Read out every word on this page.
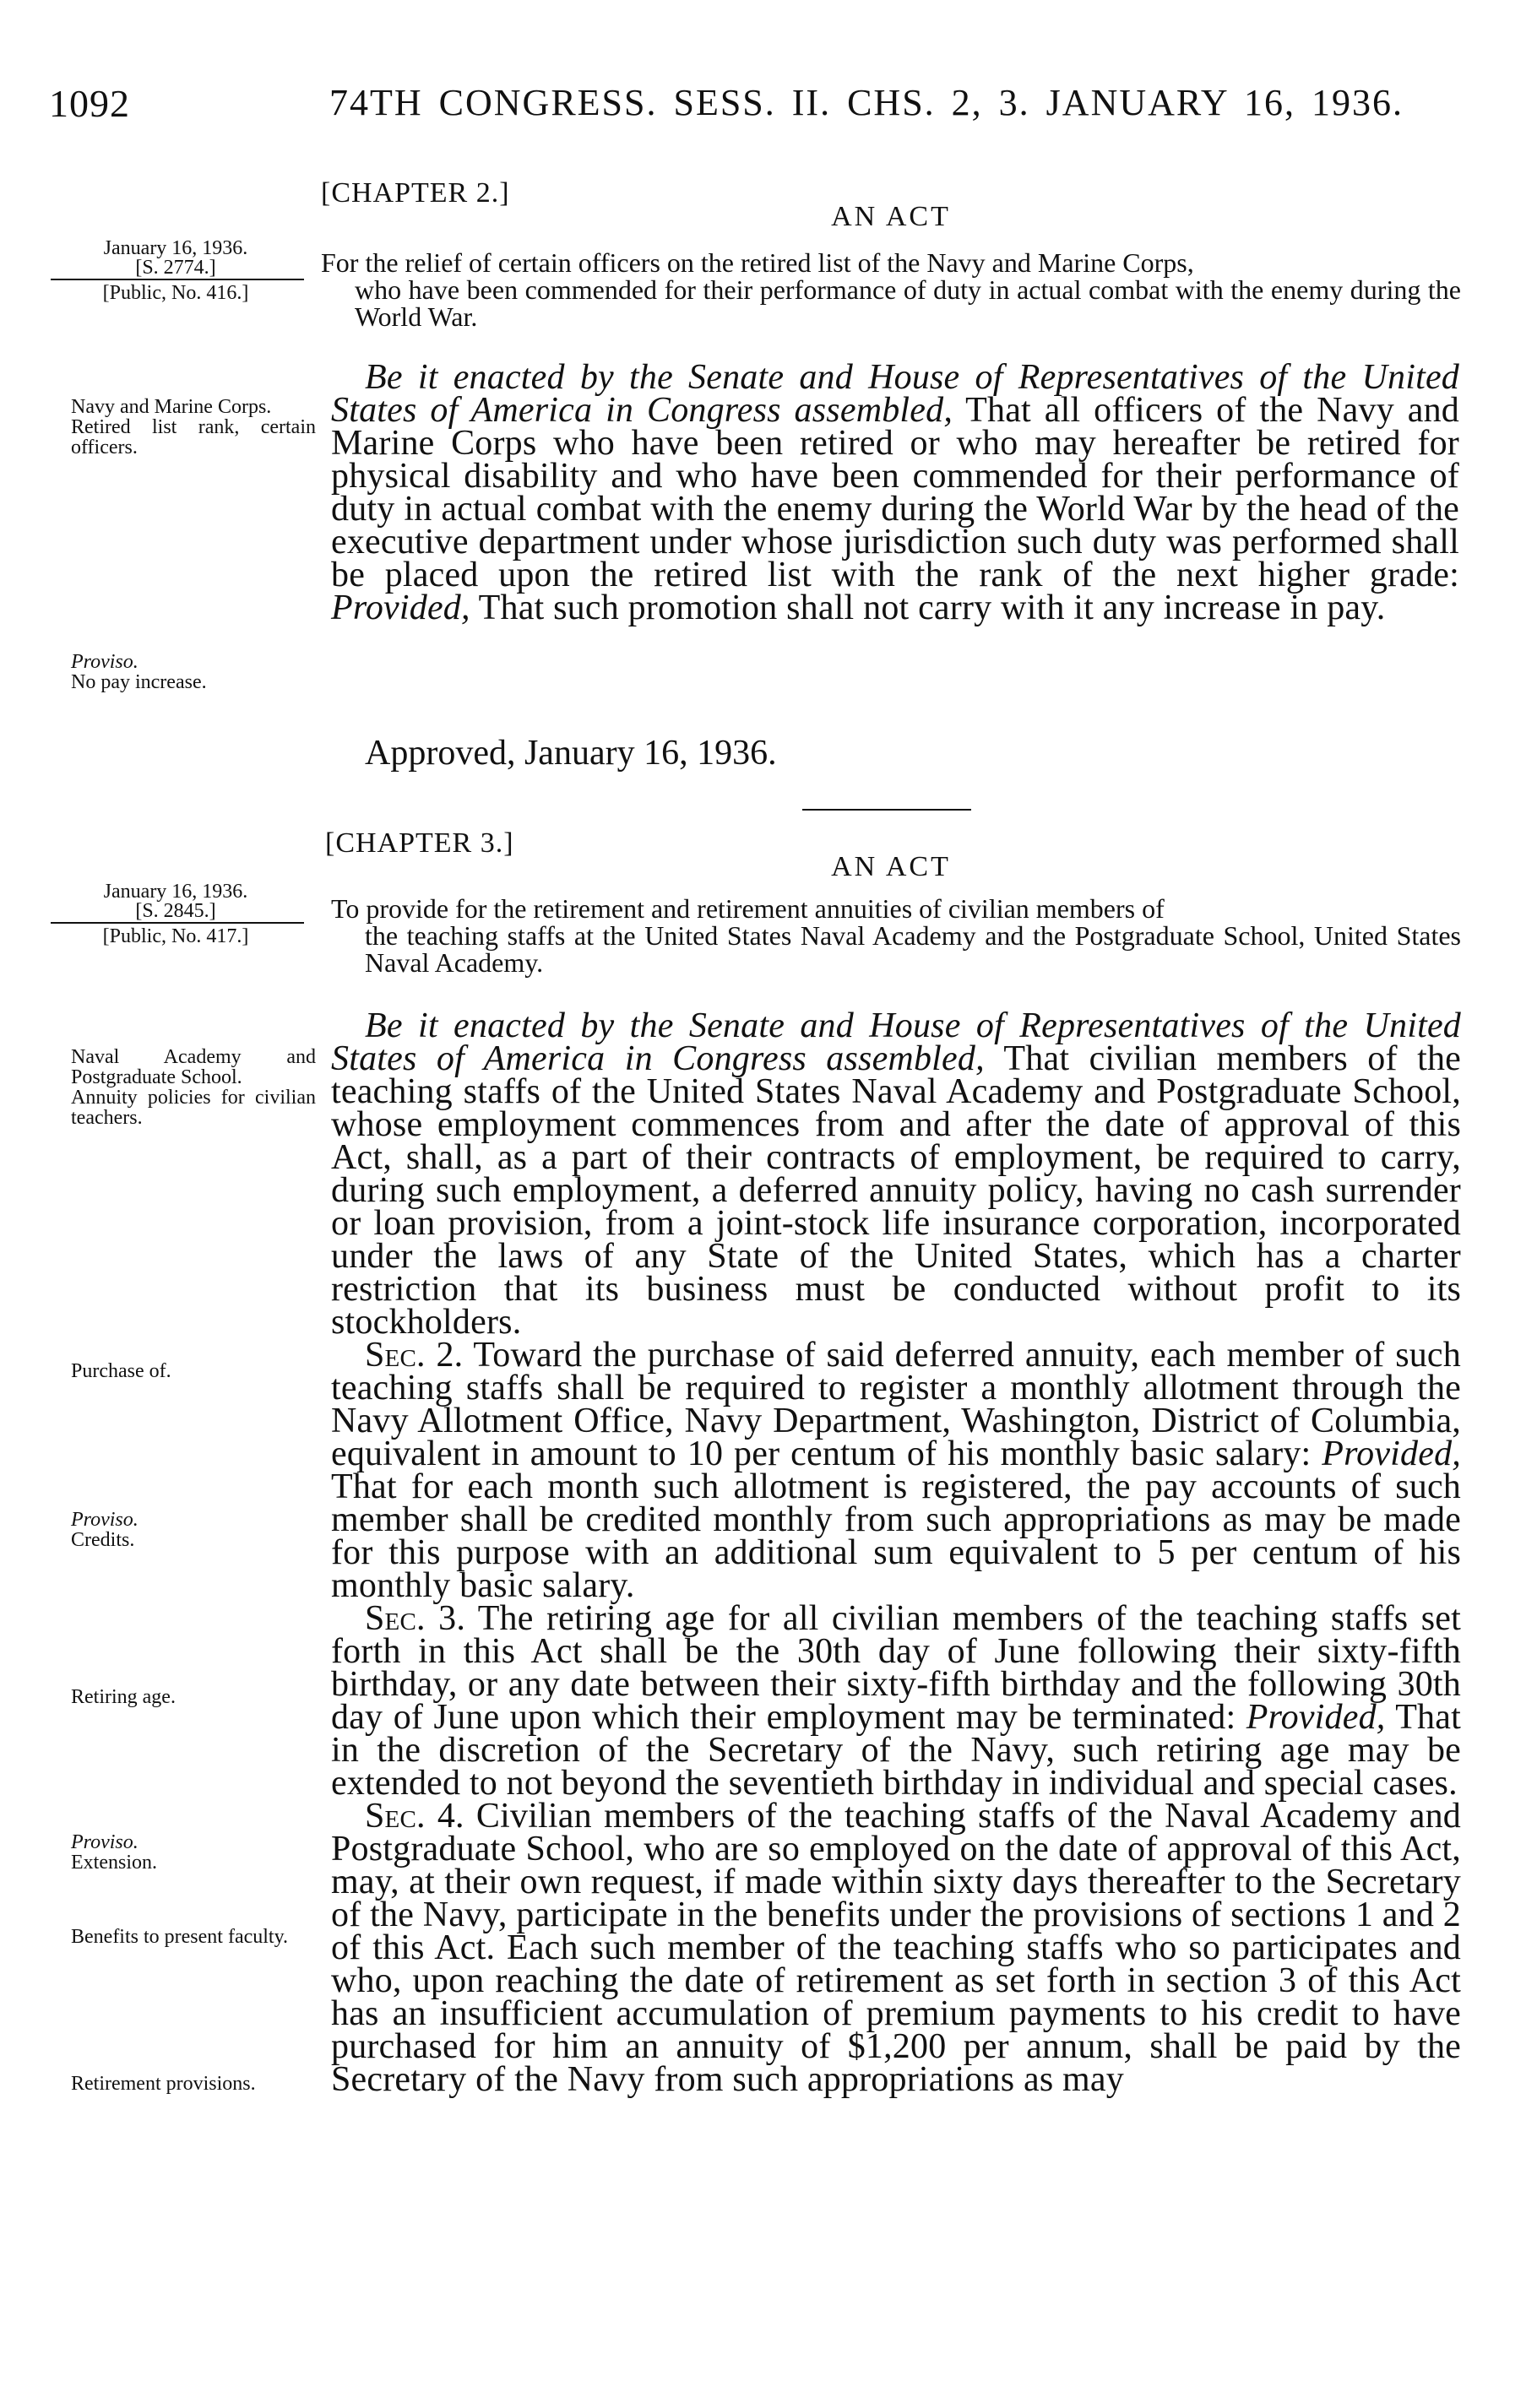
1092	74TH CONGRESS. SESS. II. CHS. 2, 3. JANUARY 16, 1936.
[CHAPTER 2.]
AN ACT
January 16, 1936.
[S. 2774.]
[Public, No. 416.]
For the relief of certain officers on the retired list of the Navy and Marine Corps,
who have been commended for their performance of duty in actual combat with the enemy during the World War.
Navy and Marine Corps.
Retired list rank, certain officers.
Proviso.
No pay increase.

Be it enacted by the Senate and House of Representatives of the United States of America in Congress assembled, That all officers of the Navy and Marine Corps who have been retired or who may hereafter be retired for physical disability and who have been commended for their performance of duty in actual combat with the enemy during the World War by the head of the executive department under whose jurisdiction such duty was performed shall be placed upon the retired list with the rank of the next higher grade: Provided, That such promotion shall not carry with it any increase in pay.

Approved, January 16, 1936.
[CHAPTER 3.]
AN ACT
January 16, 1936.
[S. 2845.]
[Public, No. 417.]
To provide for the retirement and retirement annuities of civilian members of
the teaching staffs at the United States Naval Academy and the Postgraduate School, United States Naval Academy.
Naval Academy and Postgraduate School.
Annuity policies for civilian teachers.
Purchase of.
Proviso.
Credits.
Retiring age.
Proviso.
Extension.
Benefits to present faculty.
Retirement provisions.

Be it enacted by the Senate and House of Representatives of the United States of America in Congress assembled, That civilian members of the teaching staffs of the United States Naval Academy and Postgraduate School, whose employment commences from and after the date of approval of this Act, shall, as a part of their contracts of employment, be required to carry, during such employment, a deferred annuity policy, having no cash surrender or loan provision, from a joint-stock life insurance corporation, incorporated under the laws of any State of the United States, which has a charter restriction that its business must be conducted without profit to its stockholders.

Sec. 2. Toward the purchase of said deferred annuity, each member of such teaching staffs shall be required to register a monthly allotment through the Navy Allotment Office, Navy Department, Washington, District of Columbia, equivalent in amount to 10 per centum of his monthly basic salary: Provided, That for each month such allotment is registered, the pay accounts of such member shall be credited monthly from such appropriations as may be made for this purpose with an additional sum equivalent to 5 per centum of his monthly basic salary.

Sec. 3. The retiring age for all civilian members of the teaching staffs set forth in this Act shall be the 30th day of June following their sixty-fifth birthday, or any date between their sixty-fifth birthday and the following 30th day of June upon which their employment may be terminated: Provided, That in the discretion of the Secretary of the Navy, such retiring age may be extended to not beyond the seventieth birthday in individual and special cases.

Sec. 4. Civilian members of the teaching staffs of the Naval Academy and Postgraduate School, who are so employed on the date of approval of this Act, may, at their own request, if made within sixty days thereafter to the Secretary of the Navy, participate in the benefits under the provisions of sections 1 and 2 of this Act. Each such member of the teaching staffs who so participates and who, upon reaching the date of retirement as set forth in section 3 of this Act has an insufficient accumulation of premium payments to his credit to have purchased for him an annuity of $1,200 per annum, shall be paid by the Secretary of the Navy from such appropriations as may
